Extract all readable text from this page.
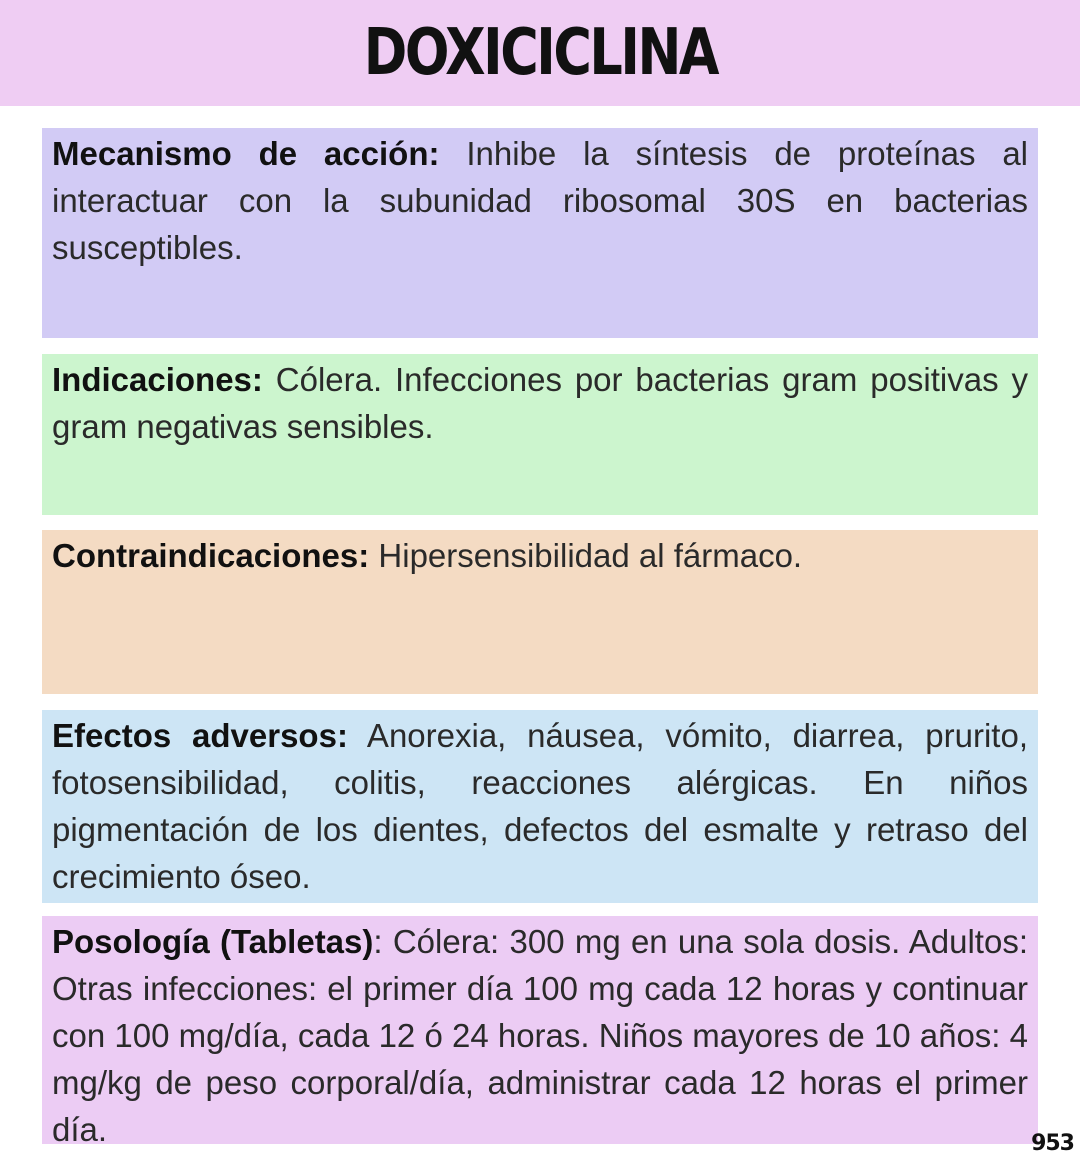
DOXICICLINA
Mecanismo de acción: Inhibe la síntesis de proteínas al interactuar con la subunidad ribosomal 30S en bacterias susceptibles.
Indicaciones: Cólera. Infecciones por bacterias gram positivas y gram negativas sensibles.
Contraindicaciones: Hipersensibilidad al fármaco.
Efectos adversos: Anorexia, náusea, vómito, diarrea, prurito, fotosensibilidad, colitis, reacciones alérgicas. En niños pigmentación de los dientes, defectos del esmalte y retraso del crecimiento óseo.
Posología (Tabletas): Cólera: 300 mg en una sola dosis. Adultos: Otras infecciones: el primer día 100 mg cada 12 horas y continuar con 100 mg/día, cada 12 ó 24 horas. Niños mayores de 10 años: 4 mg/kg de peso corporal/día, administrar cada 12 horas el primer día.	953
